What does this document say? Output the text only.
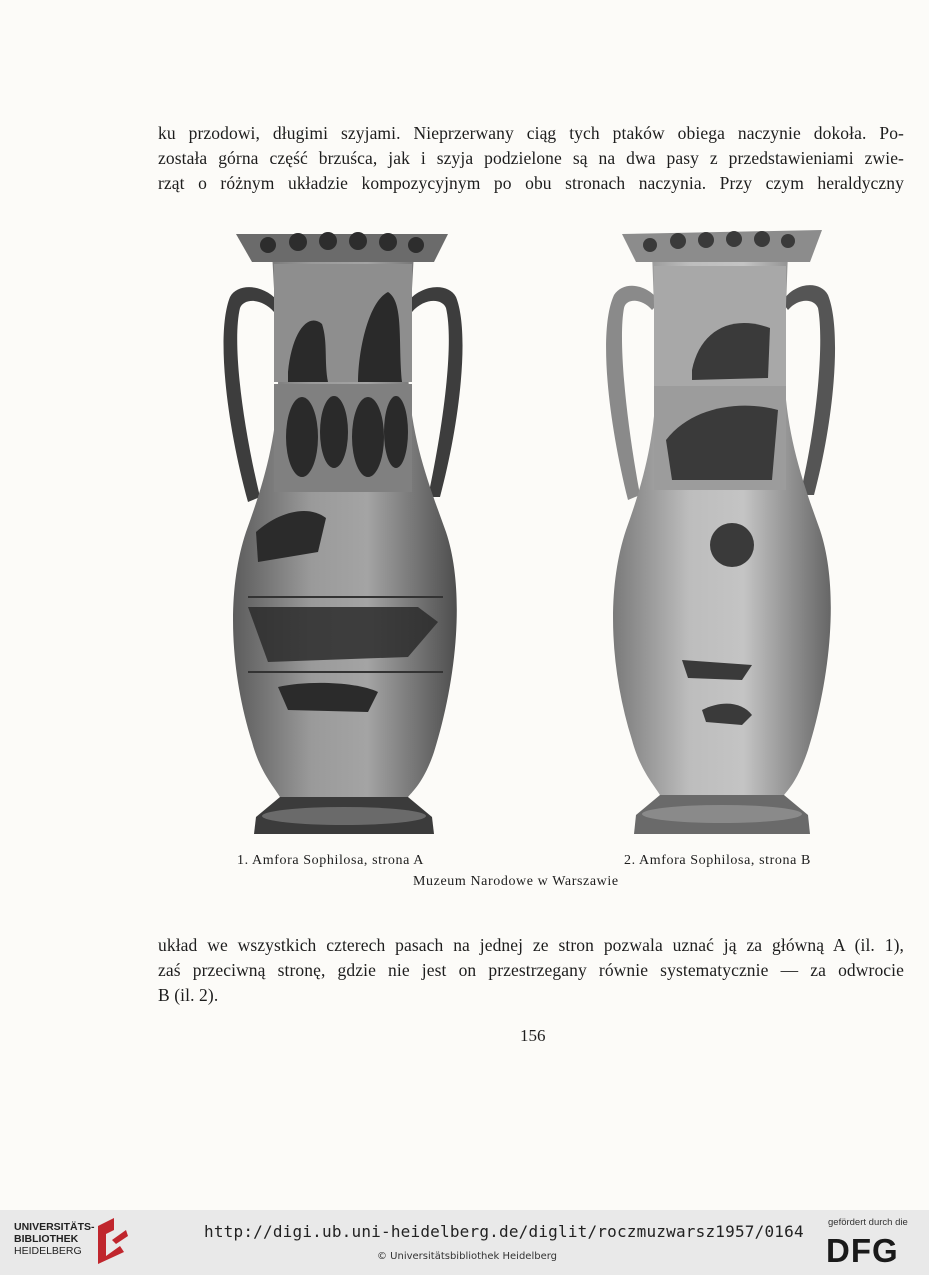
ku przodowi, długimi szyjami. Nieprzerwany ciąg tych ptaków obiega naczynie dokoła. Po-
została górna część brzuśca, jak i szyja podzielone są na dwa pasy z przedstawieniami zwie-
rząt o różnym układzie kompozycyjnym po obu stronach naczynia. Przy czym heraldyczny
1. Amfora Sophilosa, strona A	2. Amfora Sophilosa, strona B
Muzeum Narodowe w Warszawie
układ we wszystkich czterech pasach na jednej ze stron pozwala uznać ją za główną A (il. 1),
zaś przeciwną stronę, gdzie nie jest on przestrzegany równie systematycznie — za odwrocie
B (il. 2).
156
UNIVERSITÄTS-
BIBLIOTHEK
HEIDELBERG
http://digi.ub.uni-heidelberg.de/diglit/roczmuzwarsz1957/0164
© Universitätsbibliothek Heidelberg
gefördert durch die
DFG
